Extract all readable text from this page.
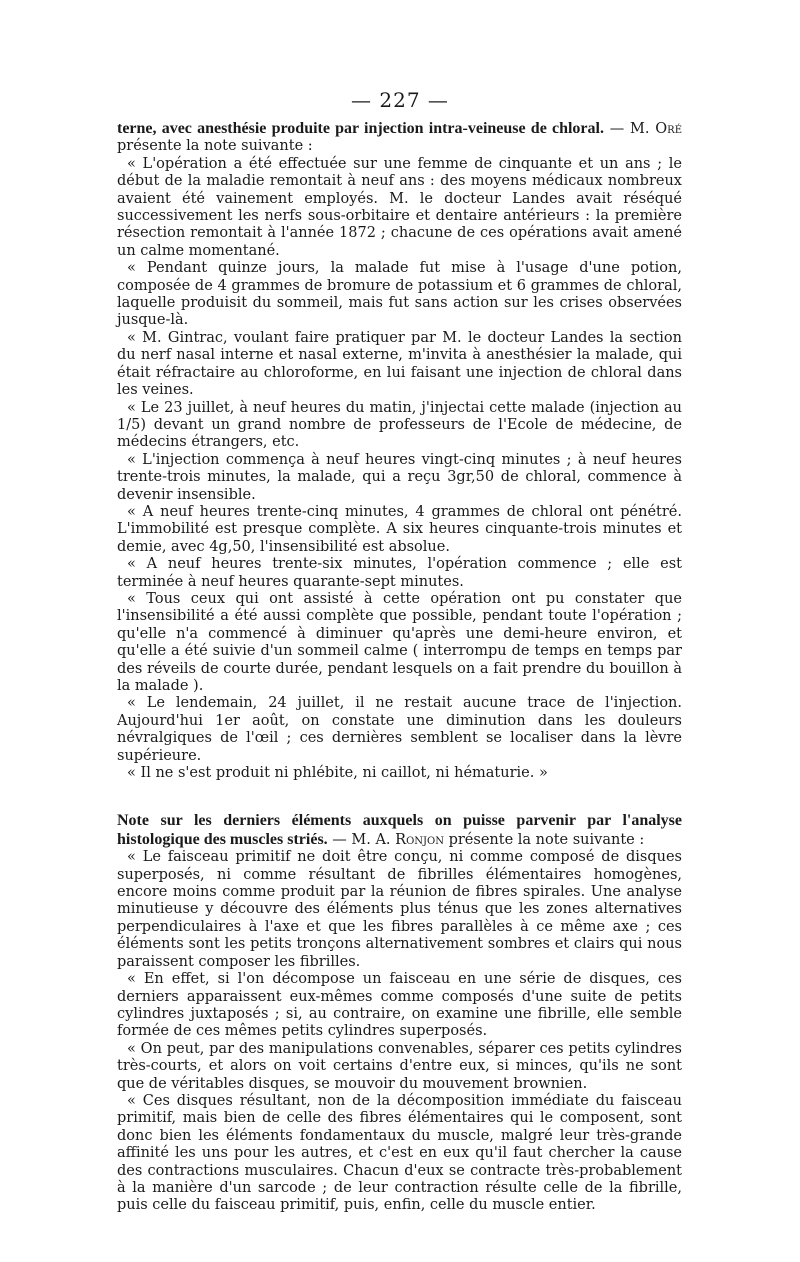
— 227 —

terne, avec anesthésie produite par injection intra-veineuse de chloral. — M. Oré présente la note suivante :

« L'opération a été effectuée sur une femme de cinquante et un ans ; le début de la maladie remontait à neuf ans : des moyens médicaux nombreux avaient été vainement employés. M. le docteur Landes avait réséqué successivement les nerfs sous-orbitaire et dentaire antérieurs : la première résection remontait à l'année 1872 ; chacune de ces opérations avait amené un calme momentané.

« Pendant quinze jours, la malade fut mise à l'usage d'une potion, composée de 4 grammes de bromure de potassium et 6 grammes de chloral, laquelle produisit du sommeil, mais fut sans action sur les crises observées jusque-là.

« M. Gintrac, voulant faire pratiquer par M. le docteur Landes la section du nerf nasal interne et nasal externe, m'invita à anesthésier la malade, qui était réfractaire au chloroforme, en lui faisant une injection de chloral dans les veines.

« Le 23 juillet, à neuf heures du matin, j'injectai cette malade (injection au 1/5) devant un grand nombre de professeurs de l'Ecole de médecine, de médecins étrangers, etc.

« L'injection commença à neuf heures vingt-cinq minutes ; à neuf heures trente-trois minutes, la malade, qui a reçu 3gr,50 de chloral, commence à devenir insensible.

« A neuf heures trente-cinq minutes, 4 grammes de chloral ont pénétré. L'immobilité est presque complète. A six heures cinquante-trois minutes et demie, avec 4g,50, l'insensibilité est absolue.

« A neuf heures trente-six minutes, l'opération commence ; elle est terminée à neuf heures quarante-sept minutes.

« Tous ceux qui ont assisté à cette opération ont pu constater que l'insensibilité a été aussi complète que possible, pendant toute l'opération ; qu'elle n'a commencé à diminuer qu'après une demi-heure environ, et qu'elle a été suivie d'un sommeil calme ( interrompu de temps en temps par des réveils de courte durée, pendant lesquels on a fait prendre du bouillon à la malade ).

« Le lendemain, 24 juillet, il ne restait aucune trace de l'injection. Aujourd'hui 1er août, on constate une diminution dans les douleurs névralgiques de l'œil ; ces dernières semblent se localiser dans la lèvre supérieure.

« Il ne s'est produit ni phlébite, ni caillot, ni hématurie. »

Note sur les derniers éléments auxquels on puisse parvenir par l'analyse histologique des muscles striés. — M. A. Ronjon présente la note suivante :

« Le faisceau primitif ne doit être conçu, ni comme composé de disques superposés, ni comme résultant de fibrilles élémentaires homogènes, encore moins comme produit par la réunion de fibres spirales. Une analyse minutieuse y découvre des éléments plus ténus que les zones alternatives perpendiculaires à l'axe et que les fibres parallèles à ce même axe ; ces éléments sont les petits tronçons alternativement sombres et clairs qui nous paraissent composer les fibrilles.

« En effet, si l'on décompose un faisceau en une série de disques, ces derniers apparaissent eux-mêmes comme composés d'une suite de petits cylindres juxtaposés ; si, au contraire, on examine une fibrille, elle semble formée de ces mêmes petits cylindres superposés.

« On peut, par des manipulations convenables, séparer ces petits cylindres très-courts, et alors on voit certains d'entre eux, si minces, qu'ils ne sont que de véritables disques, se mouvoir du mouvement brownien.

« Ces disques résultant, non de la décomposition immédiate du faisceau primitif, mais bien de celle des fibres élémentaires qui le composent, sont donc bien les éléments fondamentaux du muscle, malgré leur très-grande affinité les uns pour les autres, et c'est en eux qu'il faut chercher la cause des contractions musculaires. Chacun d'eux se contracte très-probablement à la manière d'un sarcode ; de leur contraction résulte celle de la fibrille, puis celle du faisceau primitif, puis, enfin, celle du muscle entier.
